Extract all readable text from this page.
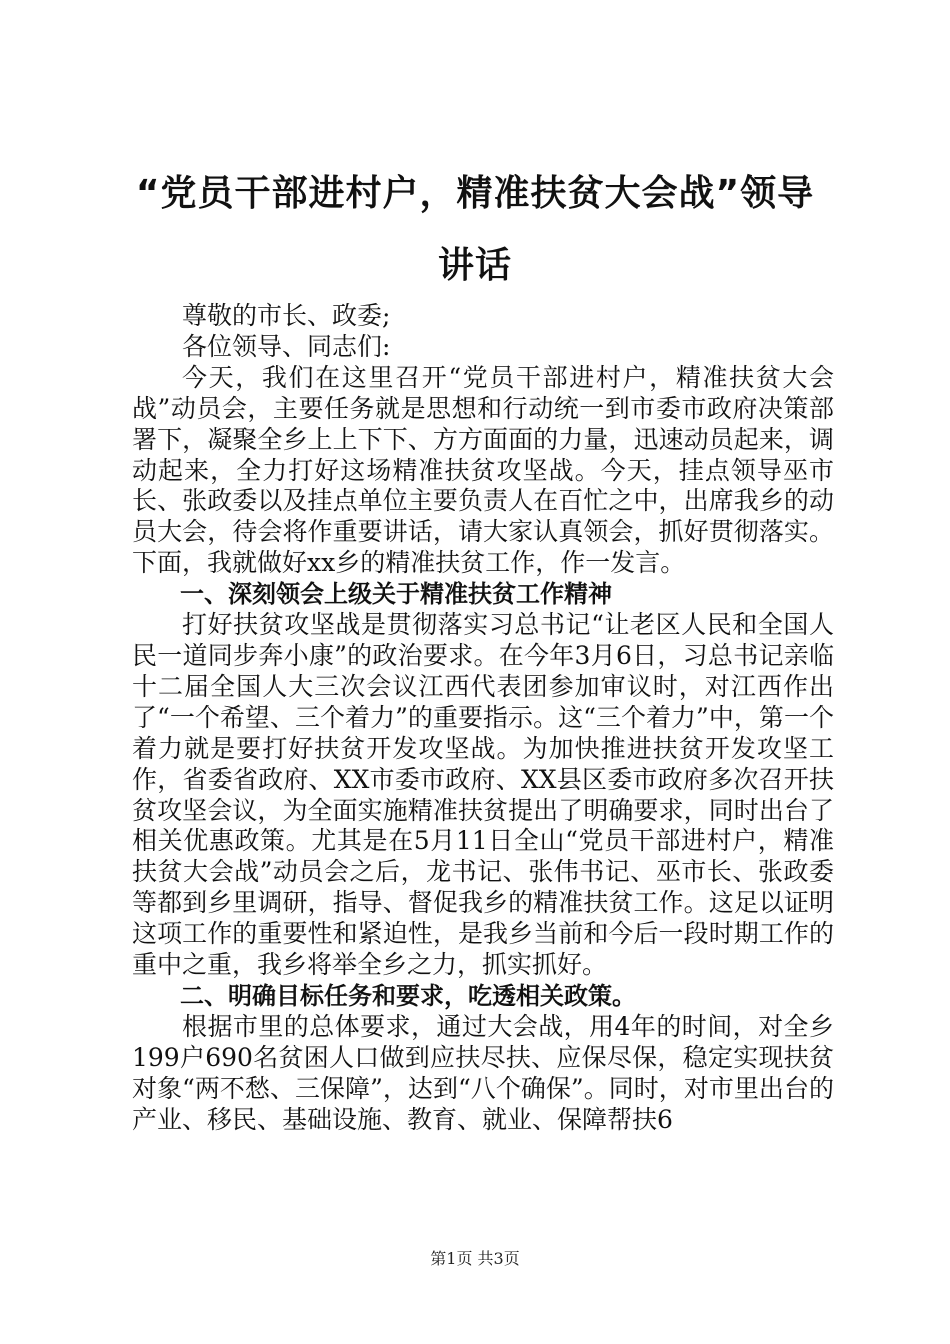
“党员干部进村户，精准扶贫大会战”领导讲话

尊敬的市长、政委;

各位领导、同志们:

今天，我们在这里召开“党员干部进村户，精准扶贫大会战”动员会，主要任务就是思想和行动统一到市委市政府决策部署下，凝聚全乡上上下下、方方面面的力量，迅速动员起来，调动起来，全力打好这场精准扶贫攻坚战。今天，挂点领导巫市长、张政委以及挂点单位主要负责人在百忙之中，出席我乡的动员大会，待会将作重要讲话，请大家认真领会，抓好贯彻落实。下面，我就做好xx乡的精准扶贫工作，作一发言。

一、深刻领会上级关于精准扶贫工作精神

打好扶贫攻坚战是贯彻落实习总书记“让老区人民和全国人民一道同步奔小康”的政治要求。在今年3月6日，习总书记亲临十二届全国人大三次会议江西代表团参加审议时，对江西作出了“一个希望、三个着力”的重要指示。这“三个着力”中，第一个着力就是要打好扶贫开发攻坚战。为加快推进扶贫开发攻坚工作，省委省政府、XX市委市政府、XX县区委市政府多次召开扶贫攻坚会议，为全面实施精准扶贫提出了明确要求，同时出台了相关优惠政策。尤其是在5月11日全山“党员干部进村户，精准扶贫大会战”动员会之后，龙书记、张伟书记、巫市长、张政委等都到乡里调研，指导、督促我乡的精准扶贫工作。这足以证明这项工作的重要性和紧迫性，是我乡当前和今后一段时期工作的重中之重，我乡将举全乡之力，抓实抓好。

二、明确目标任务和要求，吃透相关政策。

根据市里的总体要求，通过大会战，用4年的时间，对全乡199户690名贫困人口做到应扶尽扶、应保尽保，稳定实现扶贫对象“两不愁、三保障”，达到“八个确保”。同时，对市里出台的产业、移民、基础设施、教育、就业、保障帮扶6

第1页 共3页
